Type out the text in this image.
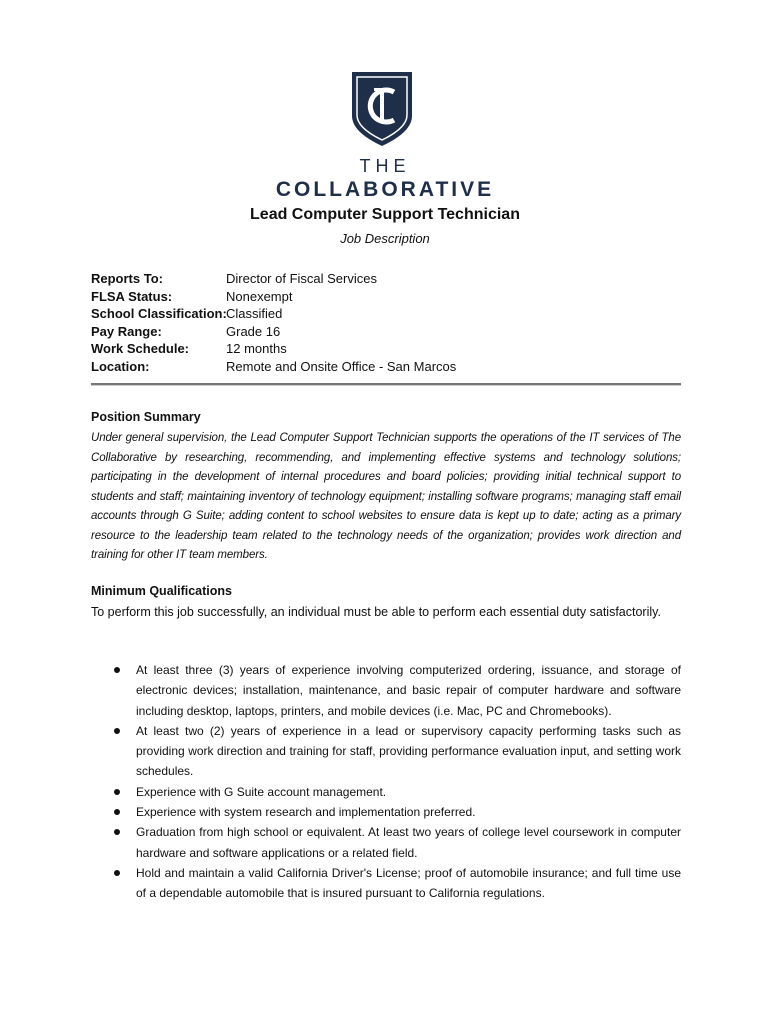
THE
COLLABORATIVE
Lead Computer Support Technician
Job Description
Reports To:	Director of Fiscal Services
FLSA Status:	Nonexempt
School Classification:Classified
Pay Range:	Grade 16
Work Schedule:	12 months
Location:	Remote and Onsite Office - San Marcos
Position Summary

Under general supervision, the Lead Computer Support Technician supports the operations of the IT services of The Collaborative by researching, recommending, and implementing effective systems and technology solutions; participating in the development of internal procedures and board policies; providing initial technical support to students and staff; maintaining inventory of technology equipment; installing software programs; managing staff email accounts through G Suite; adding content to school websites to ensure data is kept up to date; acting as a primary resource to the leadership team related to the technology needs of the organization; provides work direction and training for other IT team members.

Minimum Qualifications

To perform this job successfully, an individual must be able to perform each essential duty satisfactorily.

At least three (3) years of experience involving computerized ordering, issuance, and storage of electronic devices; installation, maintenance, and basic repair of computer hardware and software including desktop, laptops, printers, and mobile devices (i.e. Mac, PC and Chromebooks).
At least two (2) years of experience in a lead or supervisory capacity performing tasks such as providing work direction and training for staff, providing performance evaluation input, and setting work schedules.
Experience with G Suite account management.
Experience with system research and implementation preferred.
Graduation from high school or equivalent. At least two years of college level coursework in computer hardware and software applications or a related field.
Hold and maintain a valid California Driver's License; proof of automobile insurance; and full time use of a dependable automobile that is insured pursuant to California regulations.
